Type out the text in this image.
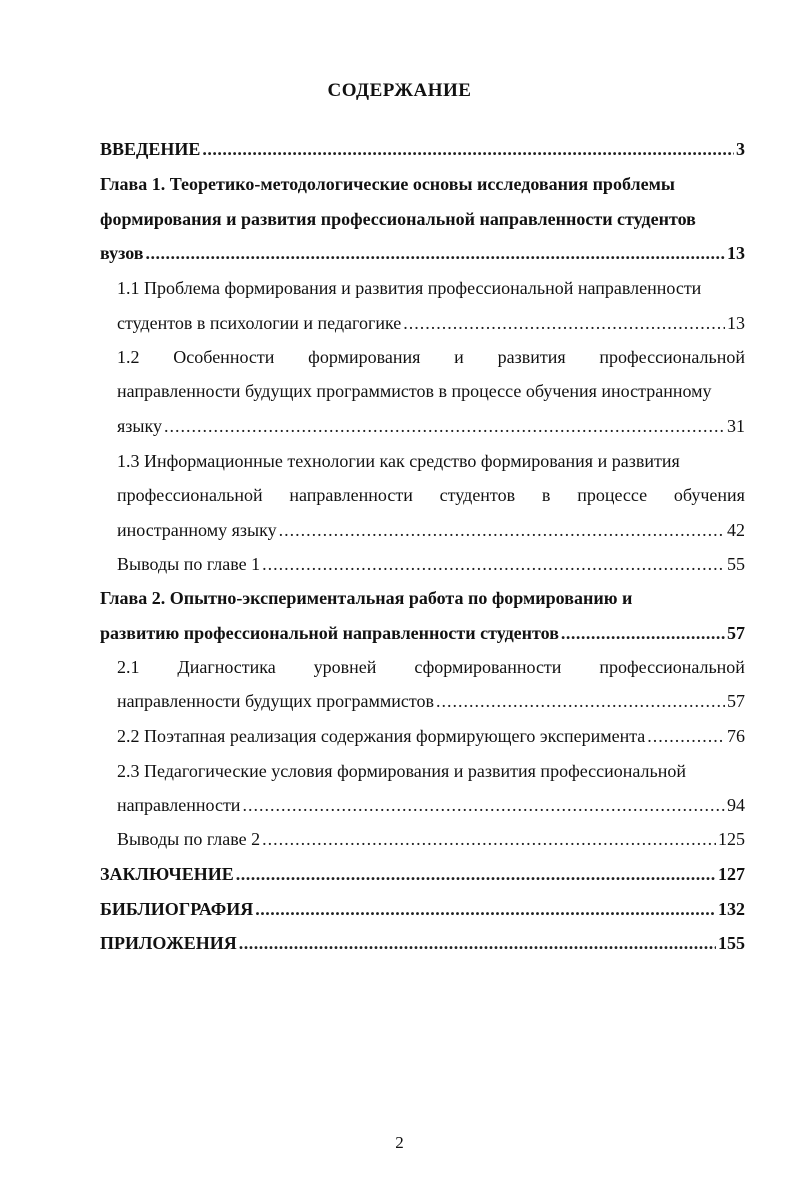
СОДЕРЖАНИЕ
ВВЕДЕНИЕ .....	3
Глава 1. Теоретико-методологические основы исследования проблемы
формирования и развития профессиональной направленности студентов
вузов .....	13
1.1 Проблема формирования и развития профессиональной направленности
студентов в психологии и педагогике .....	13
1.2 Особенности формирования и развития профессиональной
направленности будущих программистов в процессе обучения иностранному
языку .....	31
1.3 Информационные технологии как средство формирования и развития
профессиональной направленности студентов в процессе обучения
иностранному языку .....	42
Выводы по главе 1 .....	55
Глава 2. Опытно-экспериментальная работа по формированию и
развитию профессиональной направленности студентов .....	57
2.1 Диагностика уровней сформированности профессиональной
направленности будущих программистов .....	57
2.2 Поэтапная реализация содержания формирующего эксперимента .....	76
2.3 Педагогические условия формирования и развития профессиональной
направленности .....	94
Выводы по главе 2 .....	125
ЗАКЛЮЧЕНИЕ .....	127
БИБЛИОГРАФИЯ .....	132
ПРИЛОЖЕНИЯ .....	155
2
